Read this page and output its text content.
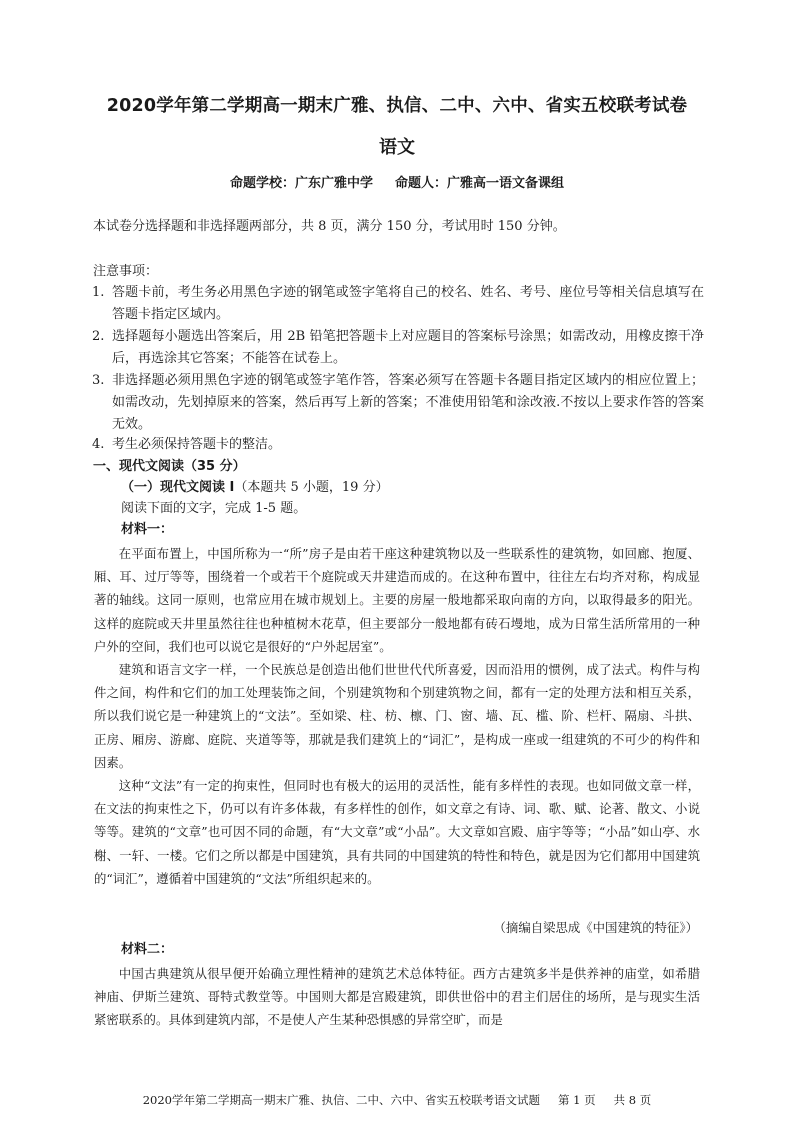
2020学年第二学期高一期末广雅、执信、二中、六中、省实五校联考试卷
语文
命题学校：广东广雅中学 命题人：广雅高一语文备课组
本试卷分选择题和非选择题两部分，共 8 页，满分 150 分，考试用时 150 分钟。
注意事项：
1. 答题卡前，考生务必用黑色字迹的钢笔或签字笔将自己的校名、姓名、考号、座位号等相关信息填写在答题卡指定区域内。
2. 选择题每小题选出答案后，用 2B 铅笔把答题卡上对应题目的答案标号涂黑；如需改动，用橡皮擦干净后，再选涂其它答案；不能答在试卷上。
3. 非选择题必须用黑色字迹的钢笔或签字笔作答，答案必须写在答题卡各题目指定区域内的相应位置上；如需改动，先划掉原来的答案，然后再写上新的答案；不准使用铅笔和涂改液.不按以上要求作答的答案无效。
4. 考生必须保持答题卡的整洁。
一、现代文阅读（35 分）
（一）现代文阅读 I（本题共 5 小题，19 分）
阅读下面的文字，完成 1-5 题。
材料一：

在平面布置上，中国所称为一“所”房子是由若干座这种建筑物以及一些联系性的建筑物，如回廊、抱厦、厢、耳、过厅等等，围绕着一个或若干个庭院或天井建造而成的。在这种布置中，往往左右均齐对称，构成显著的轴线。这同一原则，也常应用在城市规划上。主要的房屋一般地都采取向南的方向，以取得最多的阳光。这样的庭院或天井里虽然往往也种植树木花草，但主要部分一般地都有砖石墁地，成为日常生活所常用的一种户外的空间，我们也可以说它是很好的“户外起居室”。

建筑和语言文字一样，一个民族总是创造出他们世世代代所喜爱，因而沿用的惯例，成了法式。构件与构件之间，构件和它们的加工处理装饰之间，个别建筑物和个别建筑物之间，都有一定的处理方法和相互关系，所以我们说它是一种建筑上的“文法”。至如梁、柱、枋、檩、门、窗、墙、瓦、槛、阶、栏杆、隔扇、斗拱、正房、厢房、游廊、庭院、夹道等等，那就是我们建筑上的“词汇”，是构成一座或一组建筑的不可少的构件和因素。

这种“文法”有一定的拘束性，但同时也有极大的运用的灵活性，能有多样性的表现。也如同做文章一样，在文法的拘束性之下，仍可以有许多体裁，有多样性的创作，如文章之有诗、词、歌、赋、论著、散文、小说等等。建筑的“文章”也可因不同的命题，有“大文章”或“小品”。大文章如宫殿、庙宇等等；“小品”如山亭、水榭、一轩、一楼。它们之所以都是中国建筑，具有共同的中国建筑的特性和特色，就是因为它们都用中国建筑的“词汇”，遵循着中国建筑的“文法”所组织起来的。

（摘编自梁思成《中国建筑的特征》）
材料二：

中国古典建筑从很早便开始确立理性精神的建筑艺术总体特征。西方古建筑多半是供养神的庙堂，如希腊神庙、伊斯兰建筑、哥特式教堂等。中国则大都是宫殿建筑，即供世俗中的君主们居住的场所，是与现实生活紧密联系的。具体到建筑内部，不是使人产生某种恐惧感的异常空旷，而是

2020学年第二学期高一期末广雅、执信、二中、六中、省实五校联考语文试题 第 1 页 共 8 页
